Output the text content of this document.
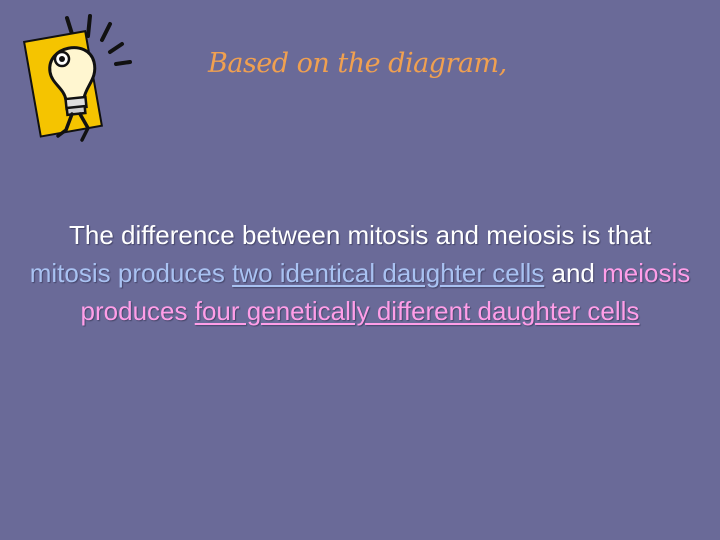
Based on the diagram,
The difference between mitosis and meiosis is that mitosis produces two identical daughter cells and meiosis produces four genetically different daughter cells
